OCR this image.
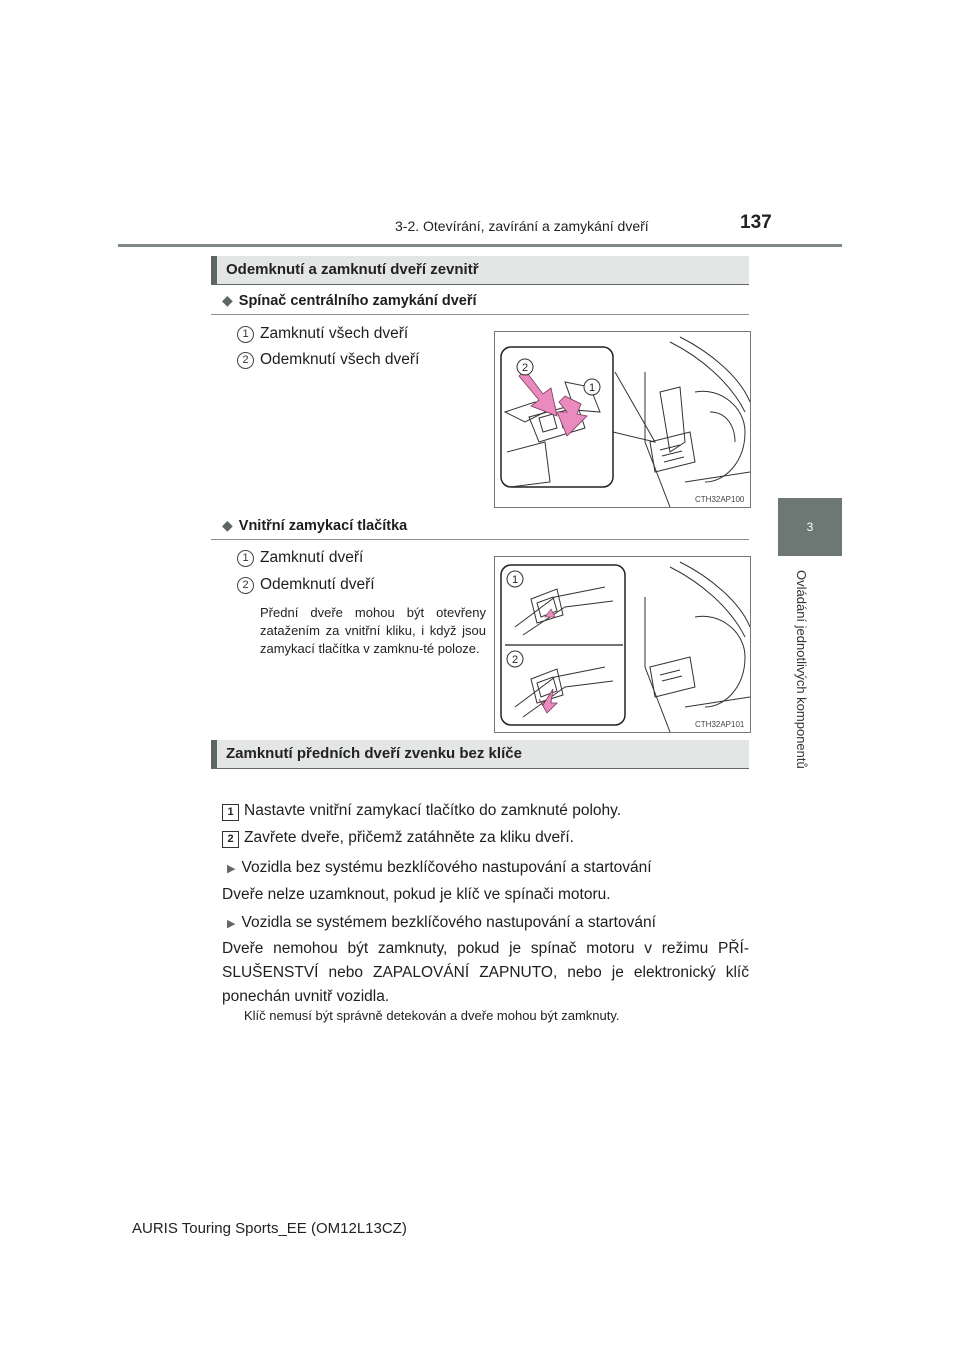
3-2. Otevírání, zavírání a zamykání dveří	137
3
Ovládání jednotlivých komponentů
Odemknutí a zamknutí dveří zevnitř
◆ Spínač centrálního zamykání dveří
1 Zamknutí všech dveří
2 Odemknutí všech dveří	2
1
CTH32AP100
◆ Vnitřní zamykací tlačítka
1 Zamknutí dveří
2 Odemknutí dveří
Přední dveře mohou být otevřeny zatažením za vnitřní kliku, i když jsou zamykací tlačítka v zamknu-té poloze.
1
2
CTH32AP101
Zamknutí předních dveří zvenku bez klíče
1 Nastavte vnitřní zamykací tlačítko do zamknuté polohy.
2 Zavřete dveře, přičemž zatáhněte za kliku dveří.
▶ Vozidla bez systému bezklíčového nastupování a startování
Dveře nelze uzamknout, pokud je klíč ve spínači motoru.
▶ Vozidla se systémem bezklíčového nastupování a startování
Dveře nemohou být zamknuty, pokud je spínač motoru v režimu PŘÍ-SLUŠENSTVÍ nebo ZAPALOVÁNÍ ZAPNUTO, nebo je elektronický klíč ponechán uvnitř vozidla.
Klíč nemusí být správně detekován a dveře mohou být zamknuty.
AURIS Touring Sports_EE (OM12L13CZ)
